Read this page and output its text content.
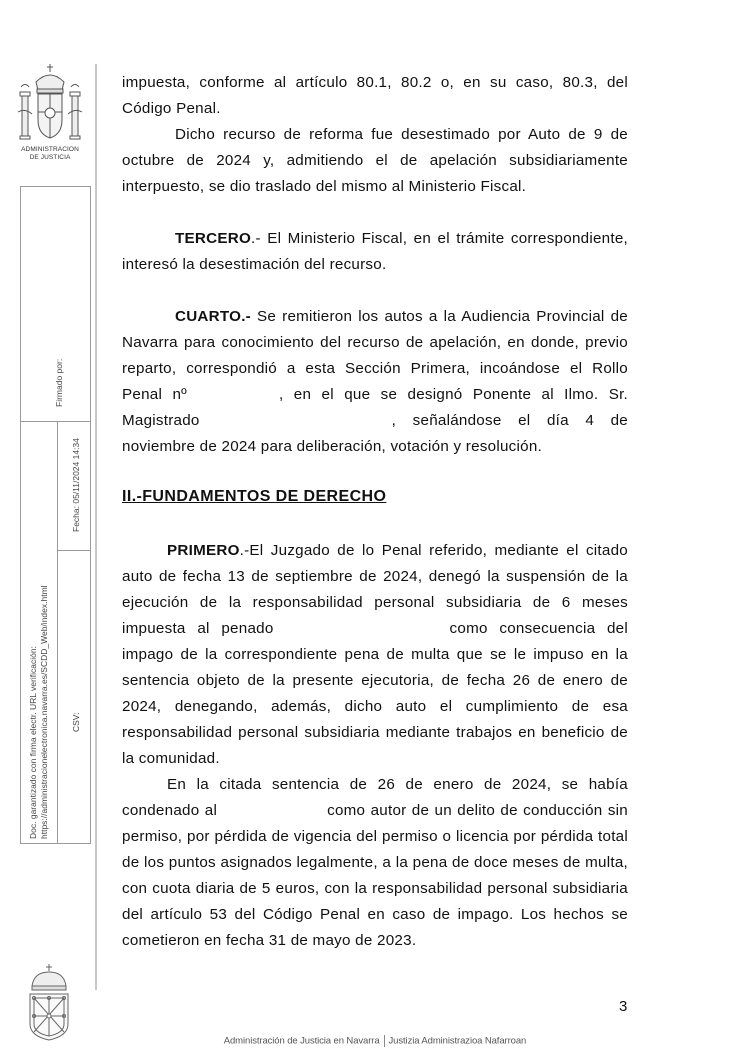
ADMINISTRACION
DE JUSTICIA
Firmado por:
Fecha: 05/11/2024 14:34
Doc. garantizado con firma electr. URL verificación: https://administracionelectronica.navarra.es/SCDD_Web/index.html	CSV:

impuesta, conforme al artículo 80.1, 80.2 o, en su caso, 80.3, del Código Penal.

Dicho recurso de reforma fue desestimado por Auto de 9 de octubre de 2024 y, admitiendo el de apelación subsidiariamente interpuesto, se dio traslado del mismo al Ministerio Fiscal.

TERCERO.- El Ministerio Fiscal, en el trámite correspondiente, interesó la desestimación del recurso.

CUARTO.- Se remitieron los autos a la Audiencia Provincial de Navarra para conocimiento del recurso de apelación, en donde, previo reparto, correspondió a esta Sección Primera, incoándose el Rollo Penal nº	, en el que se designó Ponente al Ilmo. Sr. Magistrado	, señalándose el día 4 de noviembre de 2024 para deliberación, votación y resolución.

II.-FUNDAMENTOS DE DERECHO

PRIMERO.-El Juzgado de lo Penal referido, mediante el citado auto de fecha 13 de septiembre de 2024, denegó la suspensión de la ejecución de la responsabilidad personal subsidiaria de 6 meses impuesta al penado	como consecuencia del impago de la correspondiente pena de multa que se le impuso en la sentencia objeto de la presente ejecutoria, de fecha 26 de enero de 2024, denegando, además, dicho auto el cumplimiento de esa responsabilidad personal subsidiaria mediante trabajos en beneficio de la comunidad.

En la citada sentencia de 26 de enero de 2024, se había condenado al	como autor de un delito de conducción sin permiso, por pérdida de vigencia del permiso o licencia por pérdida total de los puntos asignados legalmente, a la pena de doce meses de multa, con cuota diaria de 5 euros, con la responsabilidad personal subsidiaria del artículo 53 del Código Penal en caso de impago. Los hechos se cometieron en fecha 31 de mayo de 2023.

3
Administración de Justicia en Navarra Justizia Administrazioa Nafarroan
